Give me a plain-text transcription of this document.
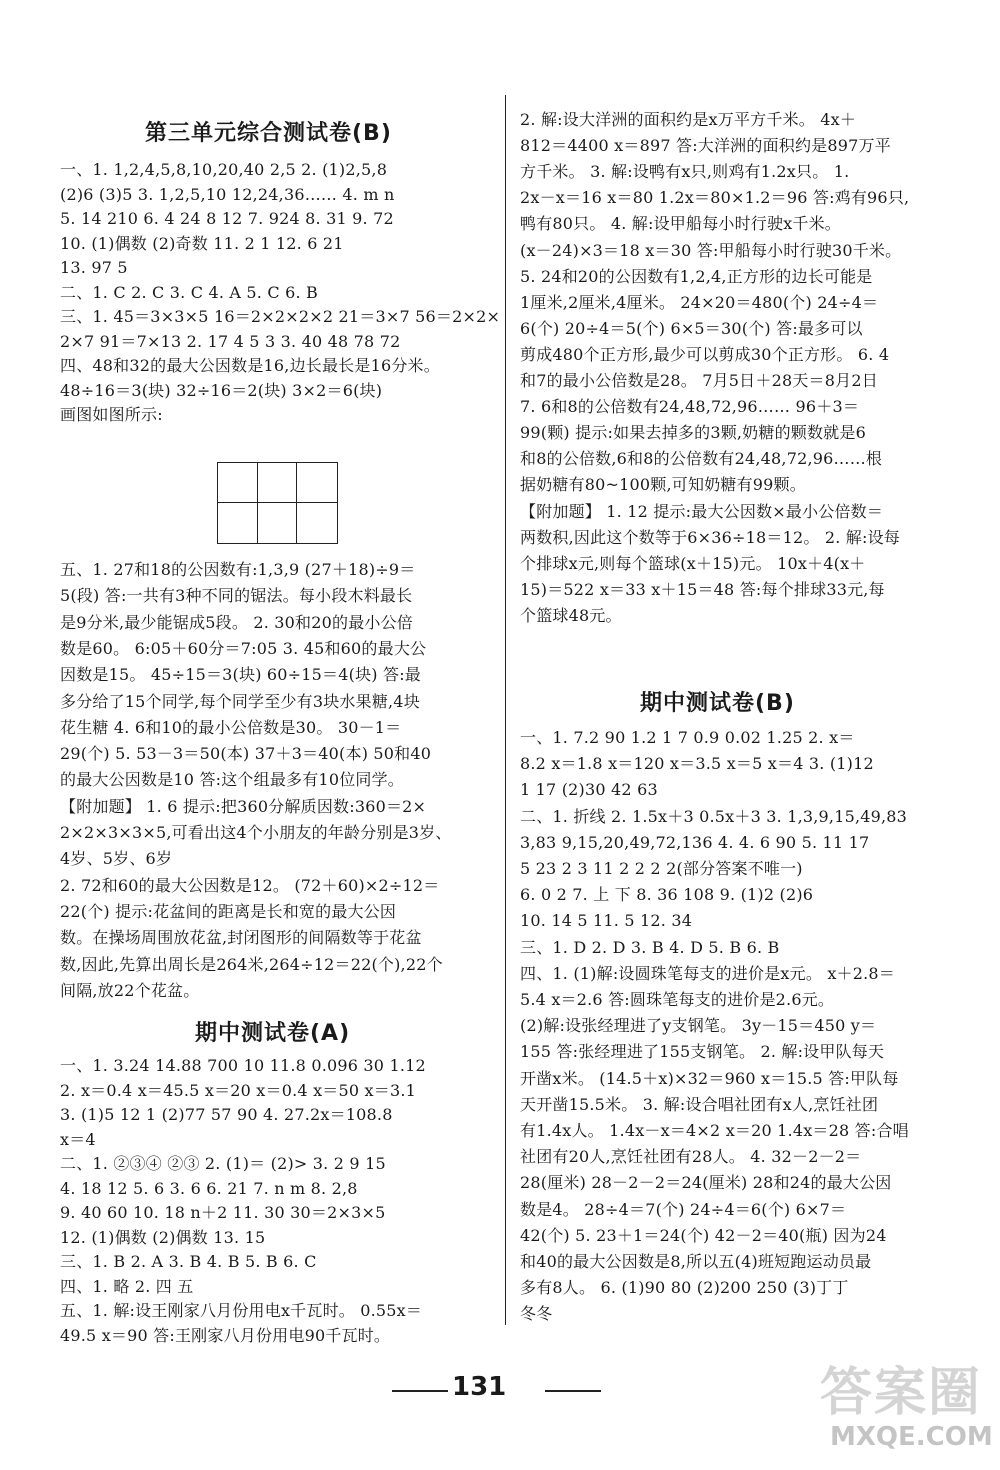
第三单元综合测试卷(B)
一、1. 1,2,4,5,8,10,20,40 2,5 2. (1)2,5,8
(2)6 (3)5 3. 1,2,5,10 12,24,36…… 4. m n
5. 14 210 6. 4 24 8 12 7. 924 8. 31 9. 72
10. (1)偶数 (2)奇数 11. 2 1 12. 6 21
13. 97 5
二、1. C 2. C 3. C 4. A 5. C 6. B
三、1. 45＝3×3×5 16＝2×2×2×2 21＝3×7 56＝2×2×
2×7 91＝7×13 2. 17 4 5 3 3. 40 48 78 72
四、48和32的最大公因数是16,边长最长是16分米。
48÷16＝3(块) 32÷16＝2(块) 3×2＝6(块)
画图如图所示:
五、1. 27和18的公因数有:1,3,9 (27＋18)÷9＝
5(段) 答:一共有3种不同的锯法。每小段木料最长
是9分米,最少能锯成5段。 2. 30和20的最小公倍
数是60。 6:05＋60分＝7:05 3. 45和60的最大公
因数是15。 45÷15＝3(块) 60÷15＝4(块) 答:最
多分给了15个同学,每个同学至少有3块水果糖,4块
花生糖 4. 6和10的最小公倍数是30。 30－1＝
29(个) 5. 53－3＝50(本) 37＋3＝40(本) 50和40
的最大公因数是10 答:这个组最多有10位同学。
【附加题】 1. 6 提示:把360分解质因数:360＝2×
2×2×3×3×5,可看出这4个小朋友的年龄分别是3岁、
4岁、5岁、6岁
2. 72和60的最大公因数是12。 (72＋60)×2÷12＝
22(个) 提示:花盆间的距离是长和宽的最大公因
数。在操场周围放花盆,封闭图形的间隔数等于花盆
数,因此,先算出周长是264米,264÷12＝22(个),22个
间隔,放22个花盆。
期中测试卷(A)
一、1. 3.24 14.88 700 10 11.8 0.096 30 1.12
2. x＝0.4 x＝45.5 x＝20 x＝0.4 x＝50 x＝3.1
3. (1)5 12 1 (2)77 57 90 4. 27.2x＝108.8
x＝4
二、1. ②③④ ②③ 2. (1)＝ (2)> 3. 2 9 15
4. 18 12 5. 6 3. 6 6. 21 7. n m 8. 2,8
9. 40 60 10. 18 n＋2 11. 30 30＝2×3×5
12. (1)偶数 (2)偶数 13. 15
三、1. B 2. A 3. B 4. B 5. B 6. C
四、1. 略 2. 四 五
五、1. 解:设王刚家八月份用电x千瓦时。 0.55x＝
49.5 x＝90 答:王刚家八月份用电90千瓦时。
2. 解:设大洋洲的面积约是x万平方千米。 4x＋
812＝4400 x＝897 答:大洋洲的面积约是897万平
方千米。 3. 解:设鸭有x只,则鸡有1.2x只。 1.
2x－x＝16 x＝80 1.2x＝80×1.2＝96 答:鸡有96只,
鸭有80只。 4. 解:设甲船每小时行驶x千米。
(x－24)×3＝18 x＝30 答:甲船每小时行驶30千米。
5. 24和20的公因数有1,2,4,正方形的边长可能是
1厘米,2厘米,4厘米。 24×20＝480(个) 24÷4＝
6(个) 20÷4＝5(个) 6×5＝30(个) 答:最多可以
剪成480个正方形,最少可以剪成30个正方形。 6. 4
和7的最小公倍数是28。 7月5日＋28天＝8月2日
7. 6和8的公倍数有24,48,72,96…… 96＋3＝
99(颗) 提示:如果去掉多的3颗,奶糖的颗数就是6
和8的公倍数,6和8的公倍数有24,48,72,96……根
据奶糖有80~100颗,可知奶糖有99颗。
【附加题】 1. 12 提示:最大公因数×最小公倍数＝
两数积,因此这个数等于6×36÷18＝12。 2. 解:设每
个排球x元,则每个篮球(x＋15)元。 10x＋4(x＋
15)＝522 x＝33 x＋15＝48 答:每个排球33元,每
个篮球48元。
期中测试卷(B)
一、1. 7.2 90 1.2 1 7 0.9 0.02 1.25 2. x＝
8.2 x＝1.8 x＝120 x＝3.5 x＝5 x＝4 3. (1)12
1 17 (2)30 42 63
二、1. 折线 2. 1.5x＋3 0.5x＋3 3. 1,3,9,15,49,83
3,83 9,15,20,49,72,136 4. 4. 6 90 5. 11 17
5 23 2 3 11 2 2 2 2(部分答案不唯一)
6. 0 2 7. 上 下 8. 36 108 9. (1)2 (2)6
10. 14 5 11. 5 12. 34
三、1. D 2. D 3. B 4. D 5. B 6. B
四、1. (1)解:设圆珠笔每支的进价是x元。 x＋2.8＝
5.4 x＝2.6 答:圆珠笔每支的进价是2.6元。
(2)解:设张经理进了y支钢笔。 3y－15＝450 y＝
155 答:张经理进了155支钢笔。 2. 解:设甲队每天
开凿x米。 (14.5＋x)×32＝960 x＝15.5 答:甲队每
天开凿15.5米。 3. 解:设合唱社团有x人,烹饪社团
有1.4x人。 1.4x－x＝4×2 x＝20 1.4x＝28 答:合唱
社团有20人,烹饪社团有28人。 4. 32－2－2＝
28(厘米) 28－2－2＝24(厘米) 28和24的最大公因
数是4。 28÷4＝7(个) 24÷4＝6(个) 6×7＝
42(个) 5. 23＋1＝24(个) 42－2＝40(瓶) 因为24
和40的最大公因数是8,所以五(4)班短跑运动员最
多有8人。 6. (1)90 80 (2)200 250 (3)丁丁
冬冬
131	答案圈
MXQE.COM
